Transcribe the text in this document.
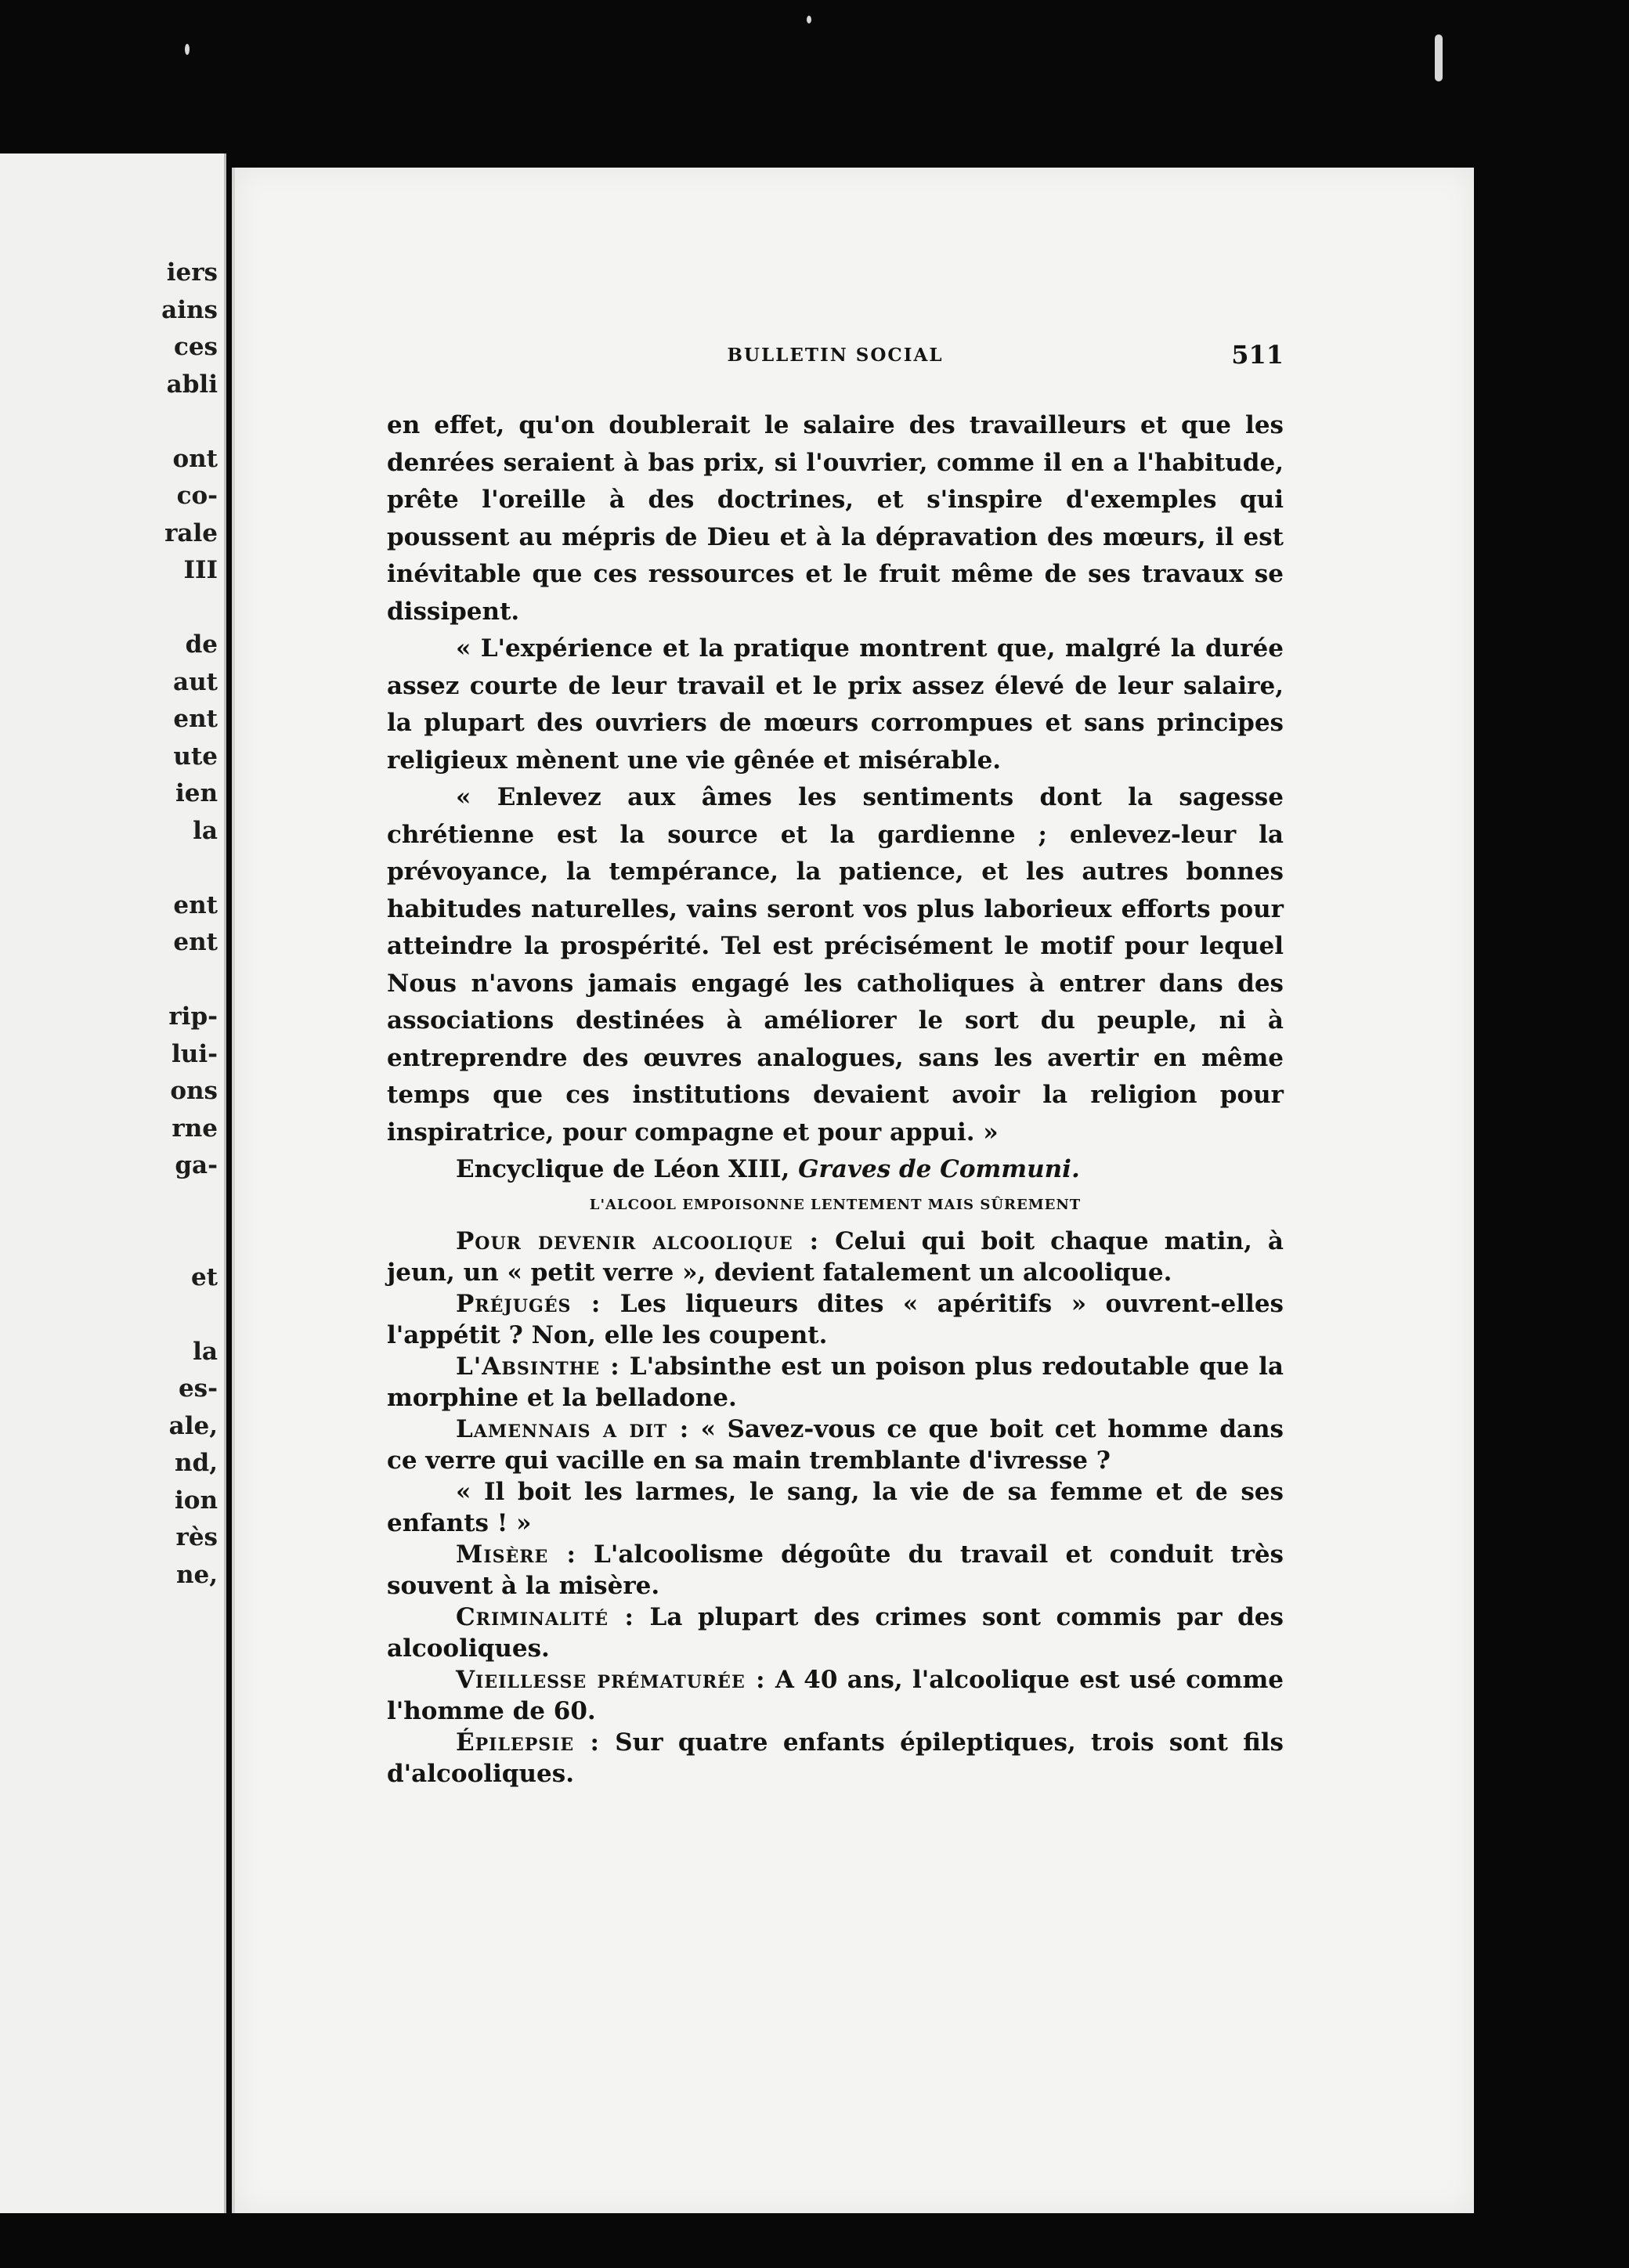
iers
ains
ces
abli
ont
co-
rale
III
de
aut
ent
ute
ien
la
ent
ent
rip-
lui-
ons
rne
ga-
et
la
es-
ale,
nd,
ion
rès
ne,
BULLETIN SOCIAL	511

en effet, qu'on doublerait le salaire des travailleurs et que les denrées seraient à bas prix, si l'ouvrier, comme il en a l'habitude, prête l'oreille à des doctrines, et s'inspire d'exemples qui poussent au mépris de Dieu et à la dépravation des mœurs, il est inévitable que ces ressources et le fruit même de ses travaux se dissipent.

« L'expérience et la pratique montrent que, malgré la durée assez courte de leur travail et le prix assez élevé de leur salaire, la plupart des ouvriers de mœurs corrompues et sans principes religieux mènent une vie gênée et misérable.

« Enlevez aux âmes les sentiments dont la sagesse chrétienne est la source et la gardienne ; enlevez-leur la prévoyance, la tempérance, la patience, et les autres bonnes habitudes naturelles, vains seront vos plus laborieux efforts pour atteindre la prospérité. Tel est précisément le motif pour lequel Nous n'avons jamais engagé les catholiques à entrer dans des associations destinées à améliorer le sort du peuple, ni à entreprendre des œuvres analogues, sans les avertir en même temps que ces institutions devaient avoir la religion pour inspiratrice, pour compagne et pour appui. »

Encyclique de Léon XIII, Graves de Communi.

L'ALCOOL EMPOISONNE LENTEMENT MAIS SÛREMENT

Pour devenir alcoolique : Celui qui boit chaque matin, à jeun, un « petit verre », devient fatalement un alcoolique.

Préjugés : Les liqueurs dites « apéritifs » ouvrent-elles l'appétit ? Non, elle les coupent.

L'Absinthe : L'absinthe est un poison plus redoutable que la morphine et la belladone.

Lamennais a dit : « Savez-vous ce que boit cet homme dans ce verre qui vacille en sa main tremblante d'ivresse ?

« Il boit les larmes, le sang, la vie de sa femme et de ses enfants ! »

Misère : L'alcoolisme dégoûte du travail et conduit très souvent à la misère.

Criminalité : La plupart des crimes sont commis par des alcooliques.

Vieillesse prématurée : A 40 ans, l'alcoolique est usé comme l'homme de 60.

Épilepsie : Sur quatre enfants épileptiques, trois sont fils d'alcooliques.
